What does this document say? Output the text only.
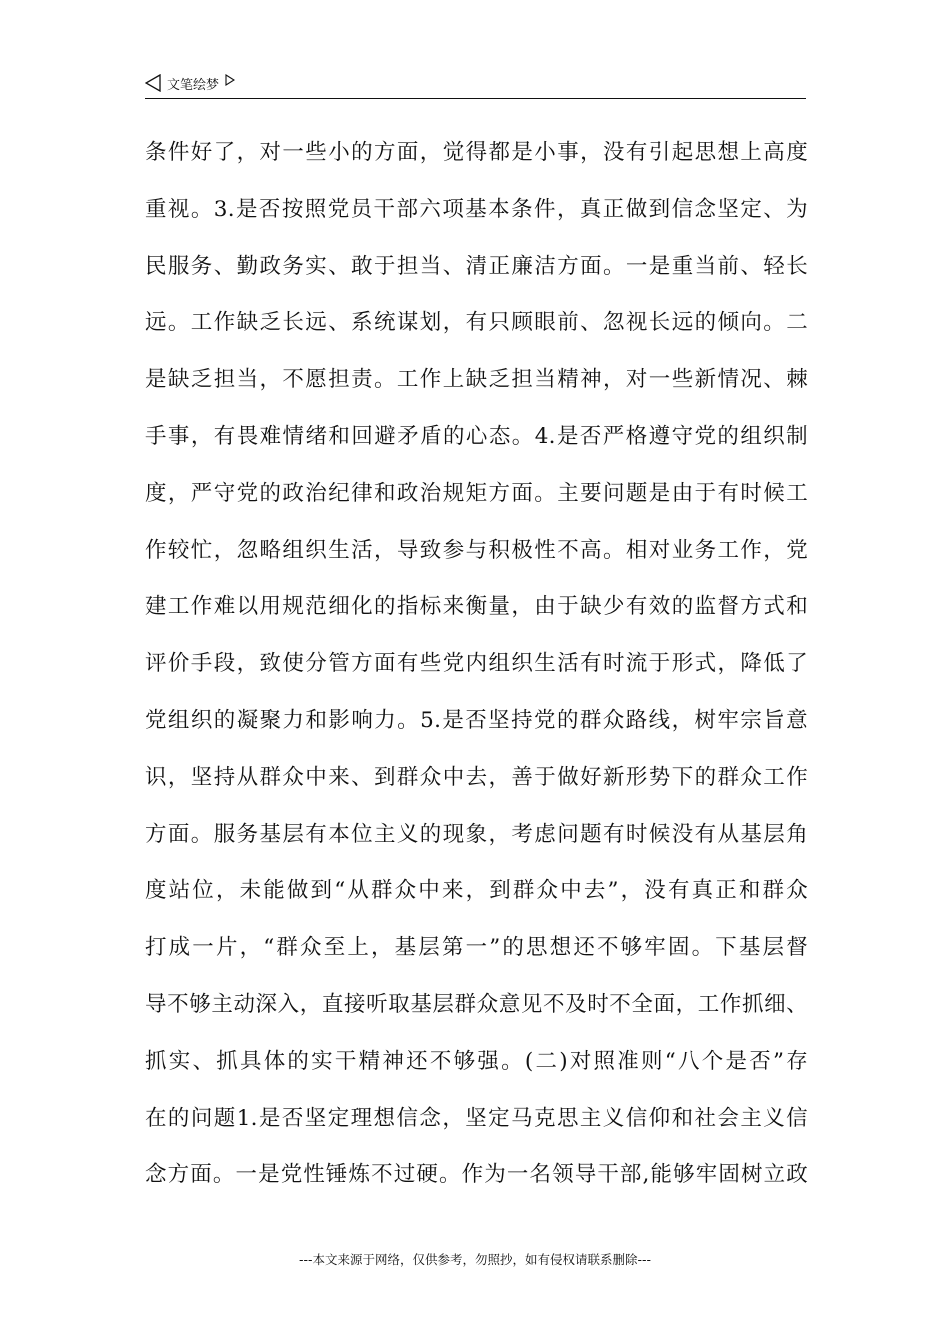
文笔绘梦
条件好了，对一些小的方面，觉得都是小事，没有引起思想上高度
重视。3.是否按照党员干部六项基本条件，真正做到信念坚定、为
民服务、勤政务实、敢于担当、清正廉洁方面。一是重当前、轻长
远。工作缺乏长远、系统谋划，有只顾眼前、忽视长远的倾向。二
是缺乏担当，不愿担责。工作上缺乏担当精神，对一些新情况、棘
手事，有畏难情绪和回避矛盾的心态。4.是否严格遵守党的组织制
度，严守党的政治纪律和政治规矩方面。主要问题是由于有时候工
作较忙，忽略组织生活，导致参与积极性不高。相对业务工作，党
建工作难以用规范细化的指标来衡量，由于缺少有效的监督方式和
评价手段，致使分管方面有些党内组织生活有时流于形式，降低了
党组织的凝聚力和影响力。5.是否坚持党的群众路线，树牢宗旨意
识，坚持从群众中来、到群众中去，善于做好新形势下的群众工作
方面。服务基层有本位主义的现象，考虑问题有时候没有从基层角
度站位，未能做到“从群众中来，到群众中去”，没有真正和群众
打成一片，“群众至上，基层第一”的思想还不够牢固。下基层督
导不够主动深入，直接听取基层群众意见不及时不全面，工作抓细、
抓实、抓具体的实干精神还不够强。(二)对照准则“八个是否”存
在的问题1.是否坚定理想信念，坚定马克思主义信仰和社会主义信
念方面。一是党性锤炼不过硬。作为一名领导干部,能够牢固树立政
---本文来源于网络，仅供参考，勿照抄，如有侵权请联系删除---
